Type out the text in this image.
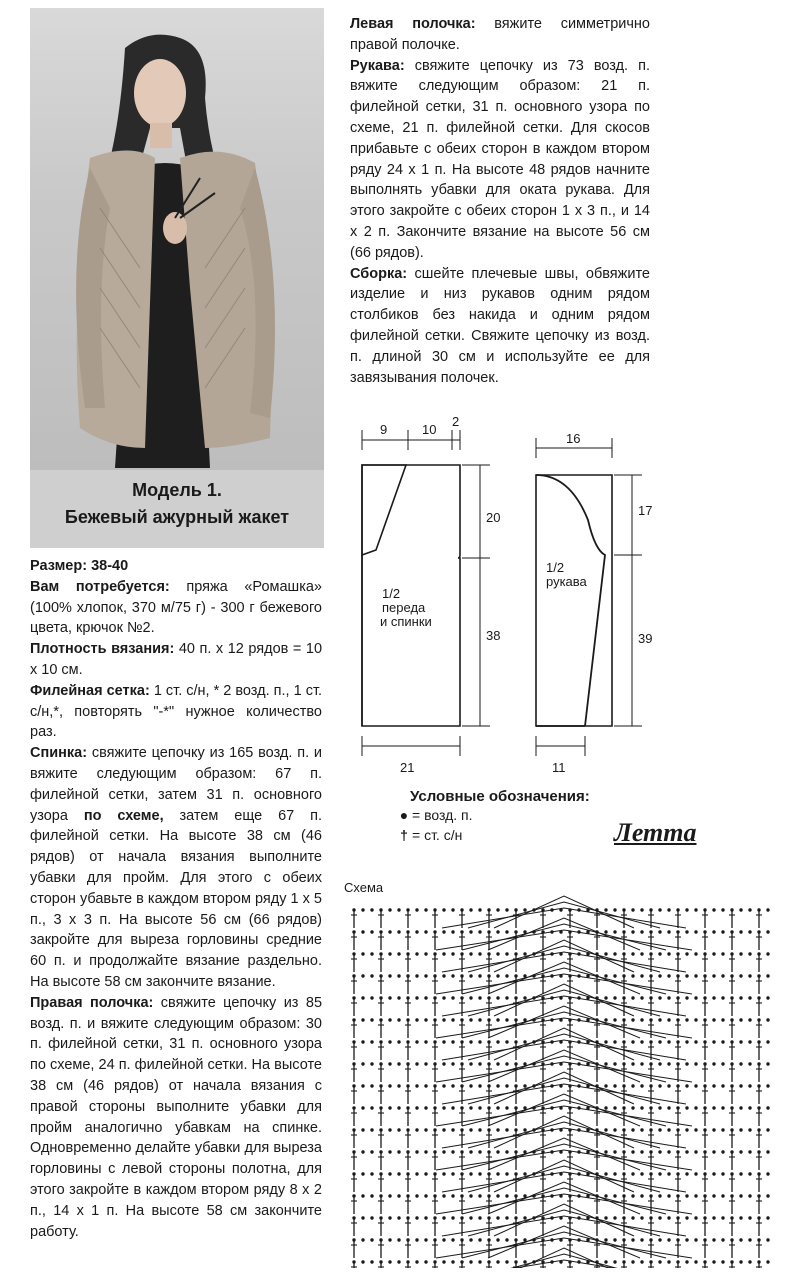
Модель 1.
Бежевый ажурный жакет

Размер: 38-40

Вам потребуется: пряжа «Ромашка» (100% хлопок, 370 м/75 г) - 300 г бежевого цвета, крючок №2.

Плотность вязания: 40 п. х 12 рядов = 10 х 10 см.

Филейная сетка: 1 ст. с/н, * 2 возд. п., 1 ст. с/н,*, повторять "-*" нужное количество раз.

Спинка: свяжите цепочку из 165 возд. п. и вяжите следующим образом: 67 п. филейной сетки, затем 31 п. основного узора по схеме, затем еще 67 п. филейной сетки. На высоте 38 см (46 рядов) от начала вязания выполните убавки для пройм. Для этого с обеих сторон убавьте в каждом втором ряду 1 х 5 п., 3 х 3 п. На высоте 56 см (66 рядов) закройте для выреза горловины средние 60 п. и продолжайте вязание раздельно. На высоте 58 см закончите вязание.

Правая полочка: свяжите цепочку из 85 возд. п. и вяжите следующим образом: 30 п. филейной сетки, 31 п. основного узора по схеме, 24 п. филейной сетки. На высоте 38 см (46 рядов) от начала вязания с правой стороны выполните убавки для пройм аналогично убавкам на спинке. Одновременно делайте убавки для выреза горловины с левой стороны полотна, для этого закройте в каждом втором ряду 8 х 2 п., 14 х 1 п. На высоте 58 см закончите работу.

Левая полочка: вяжите симметрично правой полочке.

Рукава: свяжите цепочку из 73 возд. п. вяжите следующим образом: 21 п. филейной сетки, 31 п. основного узора по схеме, 21 п. филейной сетки. Для скосов прибавьте с обеих сторон в каждом втором ряду 24 х 1 п. На высоте 48 рядов начните выполнять убавки для оката рукава. Для этого закройте с обеих сторон 1 х 3 п., и 14 х 2 п. Закончите вязание на высоте 56 см (66 рядов).

Сборка: сшейте плечевые швы, обвяжите изделие и низ рукавов одним рядом столбиков без накида и одним рядом филейной сетки. Свяжите цепочку из возд. п. длиной 30 см и используйте ее для завязывания полочек.

9	10
2
20
38
21
1/2
переда
и спинки
16
17
39
11
1/2
рукава
Условные обозначения:
● = возд. п.
† = ст. с/н	Летта
Схема
